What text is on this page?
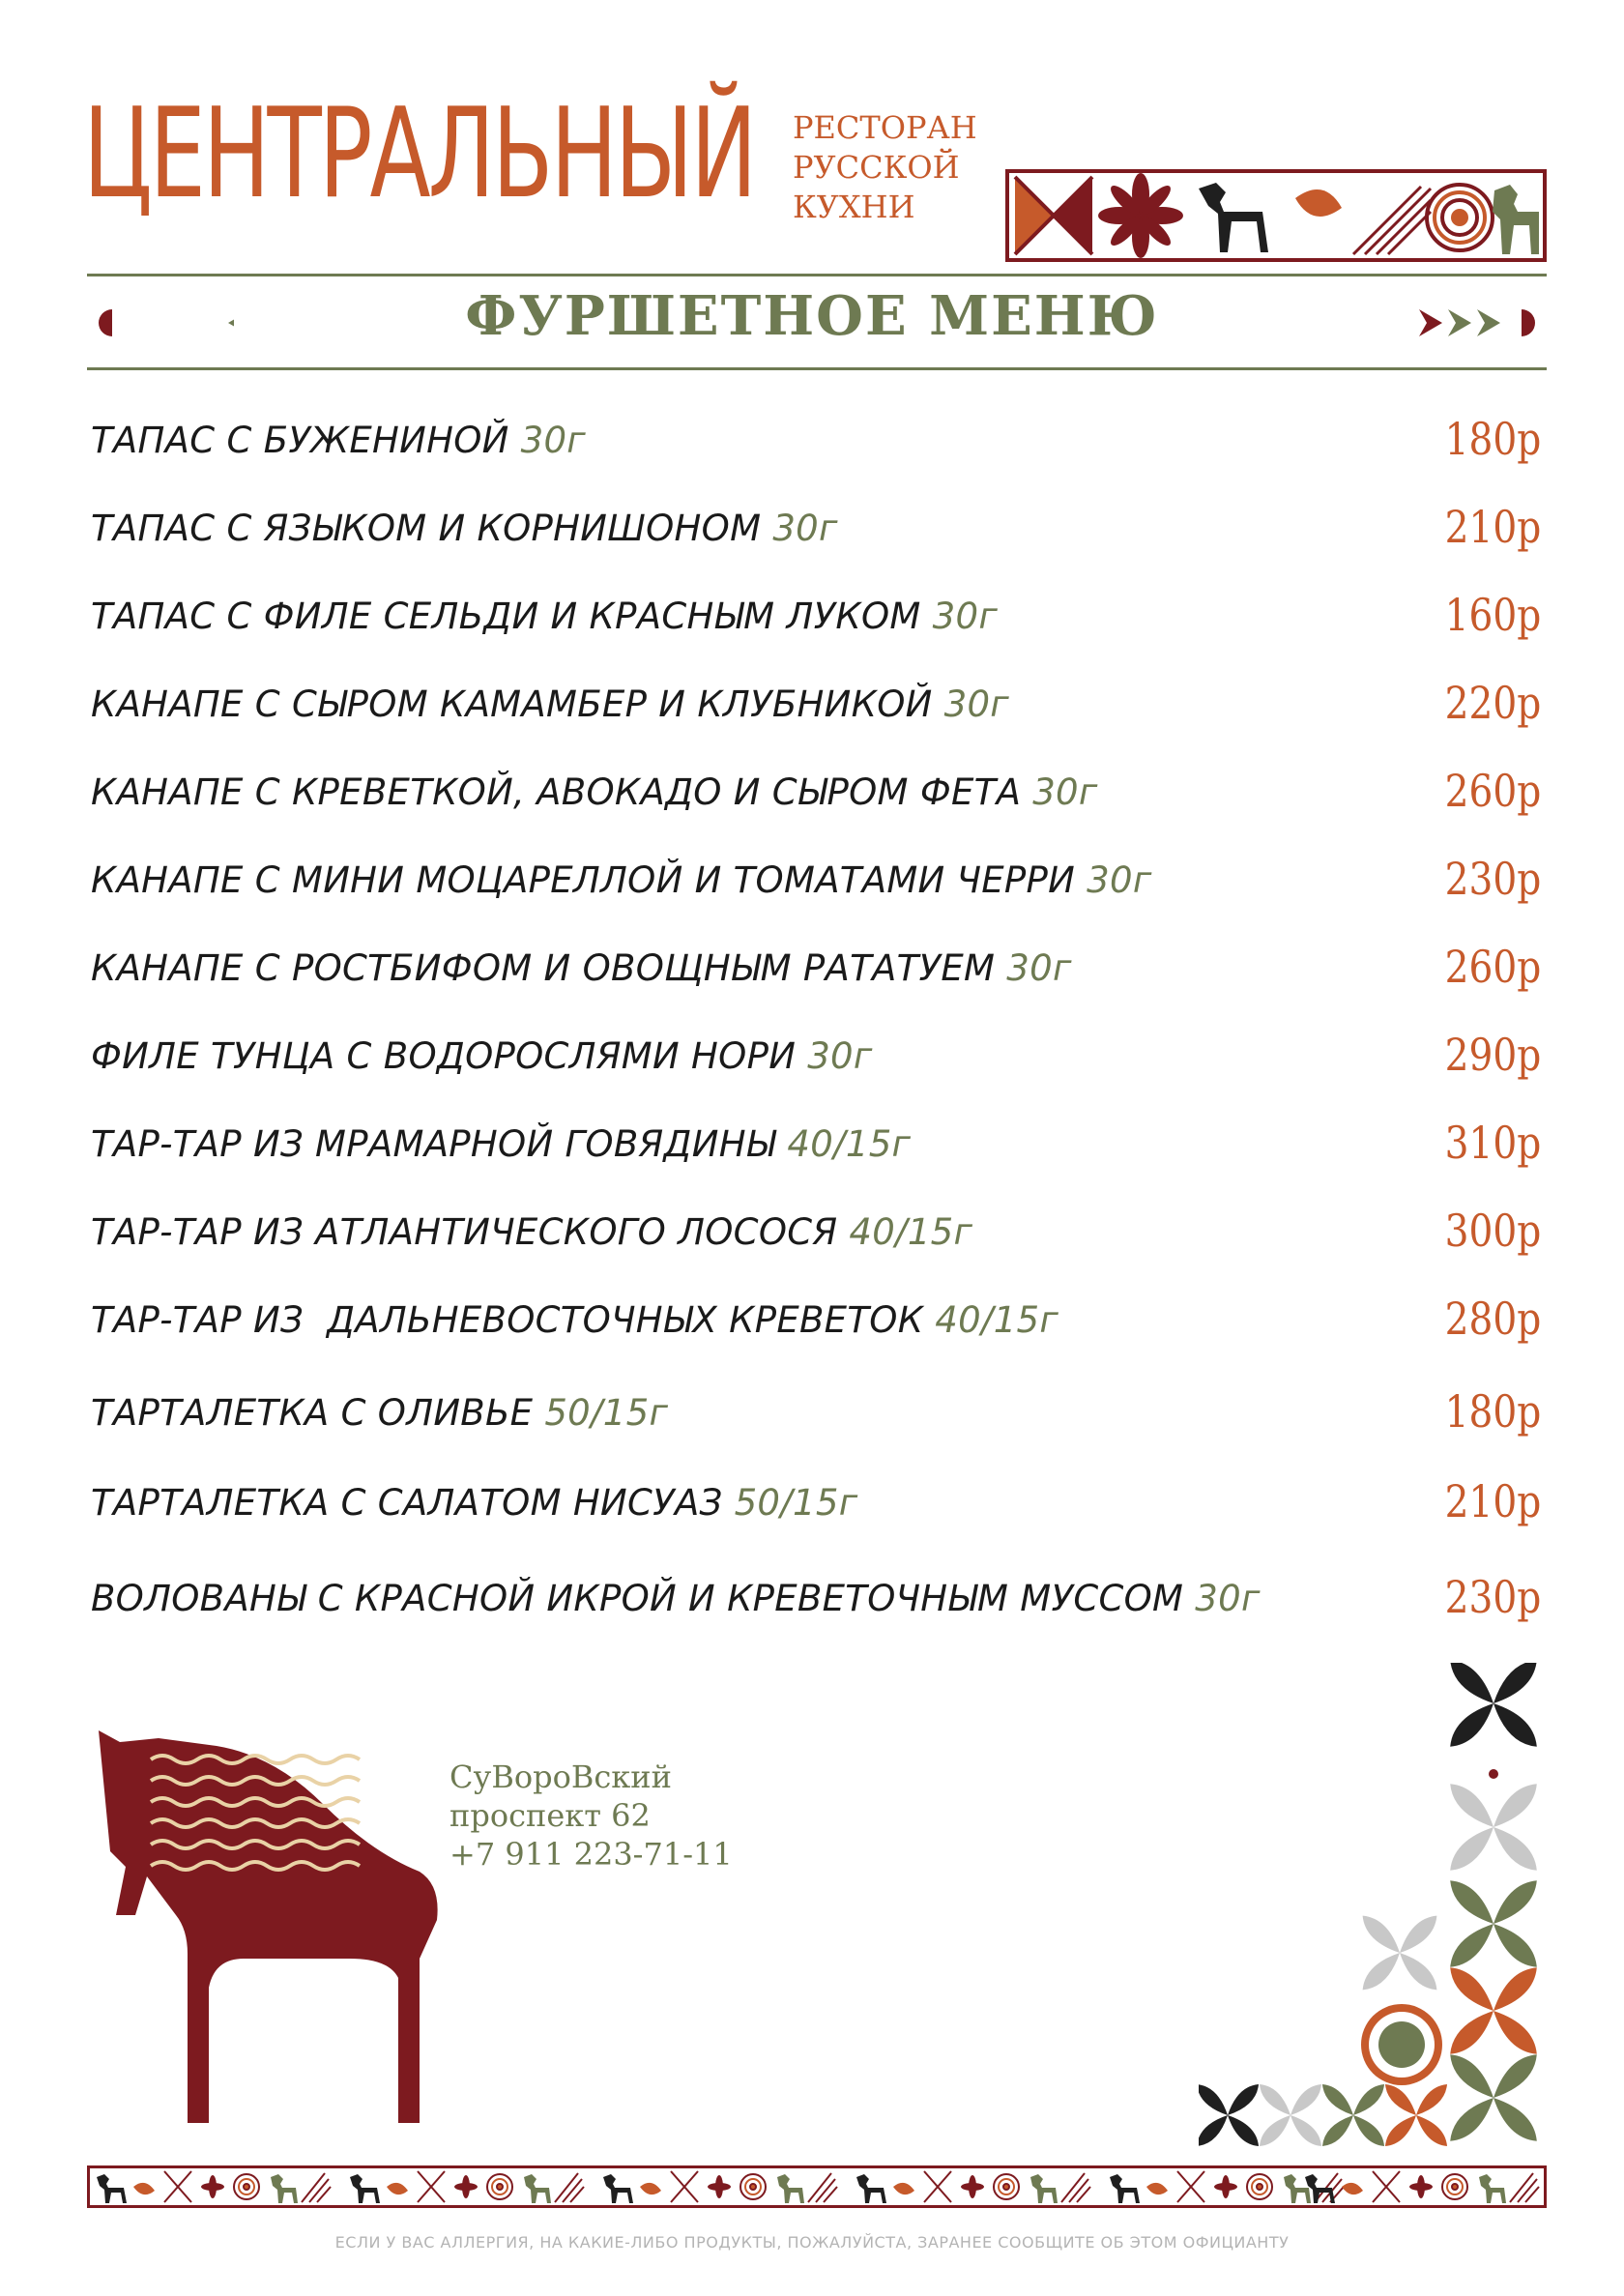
ЦЕНТРАЛЬНЫЙ РЕСТОРАН
РУССКОЙ
КУХНИ
ФУРШЕТНОЕ МЕНЮ
ТАПАС С БУЖЕНИНОЙ 30г	180р
ТАПАС С ЯЗЫКОМ И КОРНИШОНОМ 30г	210р
ТАПАС С ФИЛЕ СЕЛЬДИ И КРАСНЫМ ЛУКОМ 30г	160р
КАНАПЕ С СЫРОМ КАМАМБЕР И КЛУБНИКОЙ 30г	220р
КАНАПЕ С КРЕВЕТКОЙ, АВОКАДО И СЫРОМ ФЕТА 30г	260р
КАНАПЕ С МИНИ МОЦАРЕЛЛОЙ И ТОМАТАМИ ЧЕРРИ 30г	230р
КАНАПЕ С РОСТБИФОМ И ОВОЩНЫМ РАТАТУЕМ 30г	260р
ФИЛЕ ТУНЦА С ВОДОРОСЛЯМИ НОРИ 30г	290р
ТАР-ТАР ИЗ МРАМАРНОЙ ГОВЯДИНЫ 40/15г	310р
ТАР-ТАР ИЗ АТЛАНТИЧЕСКОГО ЛОСОСЯ 40/15г	300р
ТАР-ТАР ИЗ  ДАЛЬНЕВОСТОЧНЫХ КРЕВЕТОК 40/15г	280р
ТАРТАЛЕТКА С ОЛИВЬЕ 50/15г	180р
ТАРТАЛЕТКА С САЛАТОМ НИСУАЗ 50/15г	210р
ВОЛОВАНЫ С КРАСНОЙ ИКРОЙ И КРЕВЕТОЧНЫМ МУССОМ 30г	230р
СуВороВский
проспект 62
+7 911 223-71-11
ЕСЛИ У ВАС АЛЛЕРГИЯ, НА КАКИЕ-ЛИБО ПРОДУКТЫ, ПОЖАЛУЙСТА, ЗАРАНЕЕ СООБЩИТЕ ОБ ЭТОМ ОФИЦИАНТУ
